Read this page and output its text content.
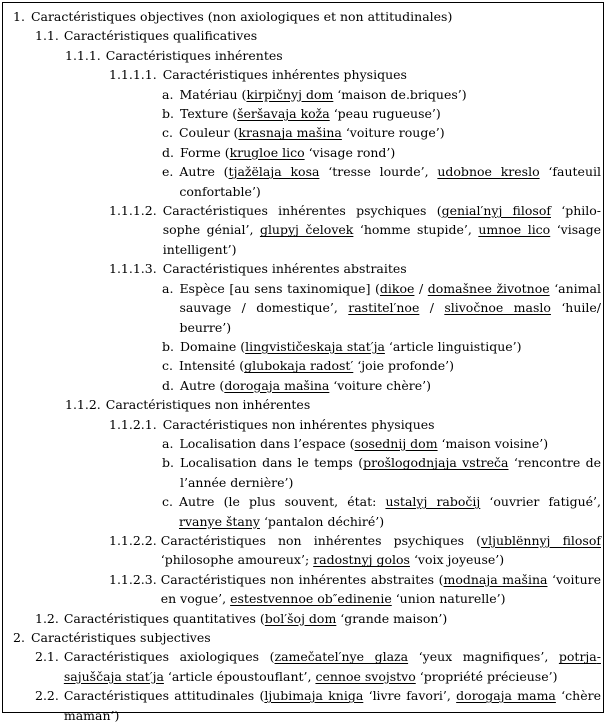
1. Caractéristiques objectives (non axiologiques et non attitudinales)
1.1. Caractéristiques qualificatives
1.1.1. Caractéristiques inhérentes
1.1.1.1. Caractéristiques inhérentes physiques
a. Matériau (kirpičnyj dom ‘maison de.briques’)
b. Texture (šeršavaja koža ‘peau rugueuse’)
c. Couleur (krasnaja mašina ‘voiture rouge’)
d. Forme (krugloe lico ‘visage rond’)
e. Autre (tjažëlaja kosa ‘tresse lourde’, udobnoe kreslo ‘fauteuil confortable’)
1.1.1.2. Caractéristiques inhérentes psychiques (genial′nyj filosof ‘philosophe génial’, glupyj čelovek ‘homme stupide’, umnoe lico ‘visage intelligent’)
1.1.1.3. Caractéristiques inhérentes abstraites
a. Espèce [au sens taxinomique] (dikoe / domašnee životnoe ‘animal sauvage / domestique’, rastitel′noe / slivočnoe maslo ‘huile/ beurre’)
b. Domaine (lingvističeskaja stat′ja ‘article linguistique’)
c. Intensité (glubokaja radost′ ‘joie profonde’)
d. Autre (dorogaja mašina ‘voiture chère’)
1.1.2. Caractéristiques non inhérentes
1.1.2.1. Caractéristiques non inhérentes physiques
a. Localisation dans l’espace (sosednij dom ‘maison voisine’)
b. Localisation dans le temps (prošlogodnjaja vstreča ‘rencontre de l’année dernière’)
c. Autre (le plus souvent, état: ustalyj rabočij ‘ouvrier fatigué’, rvanye štany ‘pantalon déchiré’)
1.1.2.2. Caractéristiques non inhérentes psychiques (vljublënnyj filosof ‘philosophe amoureux’; radostnyj golos ‘voix joyeuse’)
1.1.2.3. Caractéristiques non inhérentes abstraites (modnaja mašina ‘voiture en vogue’, estestvennoe ob″edinenie ‘union naturelle’)
1.2. Caractéristiques quantitatives (bol′šoj dom ‘grande maison’)
2. Caractéristiques subjectives
2.1. Caractéristiques axiologiques (zamečatel′nye glaza ‘yeux magnifiques’, potrjasajuščaja stat′ja ‘article époustouflant’, cennoe svojstvo ‘propriété précieuse’)
2.2. Caractéristiques attitudinales (ljubimaja kniga ‘livre favori’, dorogaja mama ‘chère maman’)
